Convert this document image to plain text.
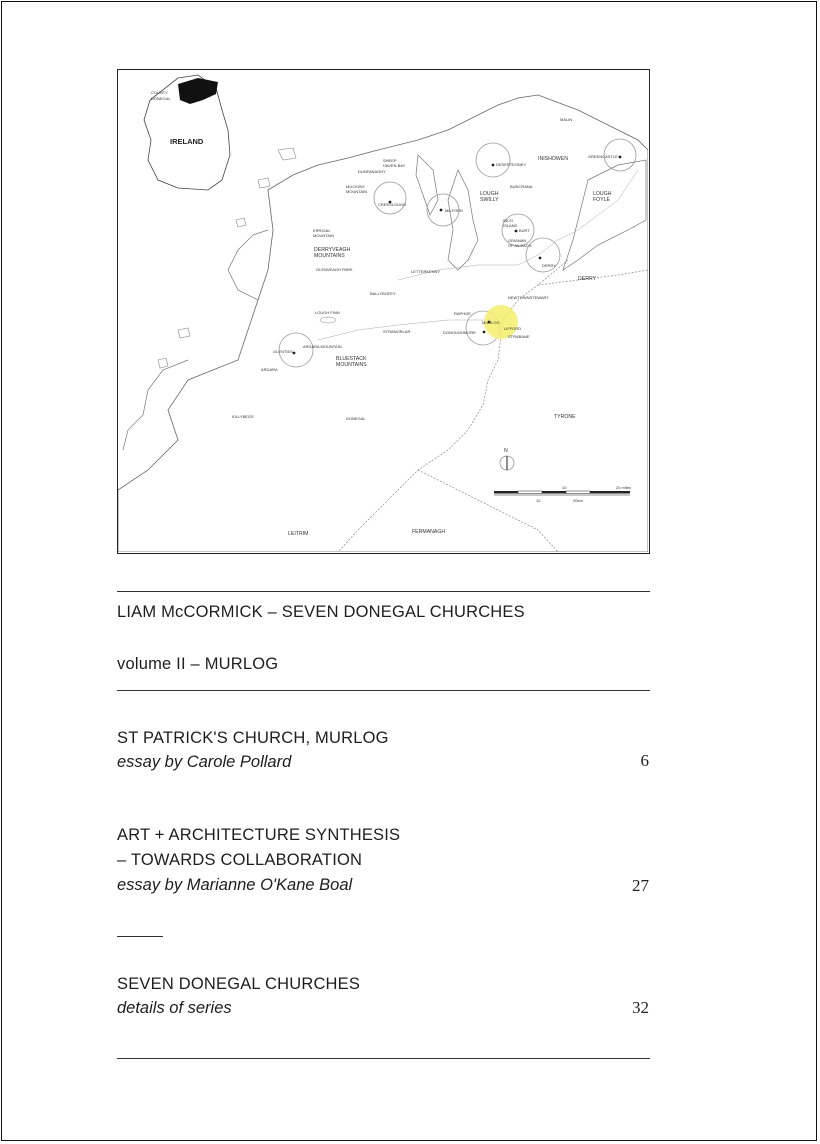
COUNTY
DONEGAL
IRELAND
MALIN
INISHOWEN	GREENCASTLE
LOUGH
FOYLE
DESERTEGNEY
BUNCRANA
LOUGH
SWILLY
SHEEP
HAVEN BAY
DUNFANAGHY
MUCKISH
MOUNTAIN
CREESLOUGH
MILFORD
INCH
ISLAND
BURT
GRIANAN
OF AILEACH
DERRY
DERRY
ERRIGAL
MOUNTAIN
DERRYVEAGH
MOUNTAINS
GLENVEAGH PARK	LETTERKENNY
BALLYBOFEY
RAPHOE
NEWTOWNSTEWART
LOUGH FINN
STRANORLAR
MURLOG
LIFFORD
DONOUGHMORE
STRABANE
ARDARA MOUNTAIN
GLENTIES
BLUESTACK
MOUNTAINS
ARDARA
KILLYBEGS	DONEGAL	TYRONE
LEITRIM	FERMANAGH
N
10	20 miles
10	20km
LIAM McCORMICK – SEVEN DONEGAL CHURCHES
volume II – MURLOG
ST PATRICK'S CHURCH, MURLOG
essay by Carole Pollard	6
ART + ARCHITECTURE SYNTHESIS
– TOWARDS COLLABORATION
essay by Marianne O'Kane Boal	27
SEVEN DONEGAL CHURCHES
details of series	32
